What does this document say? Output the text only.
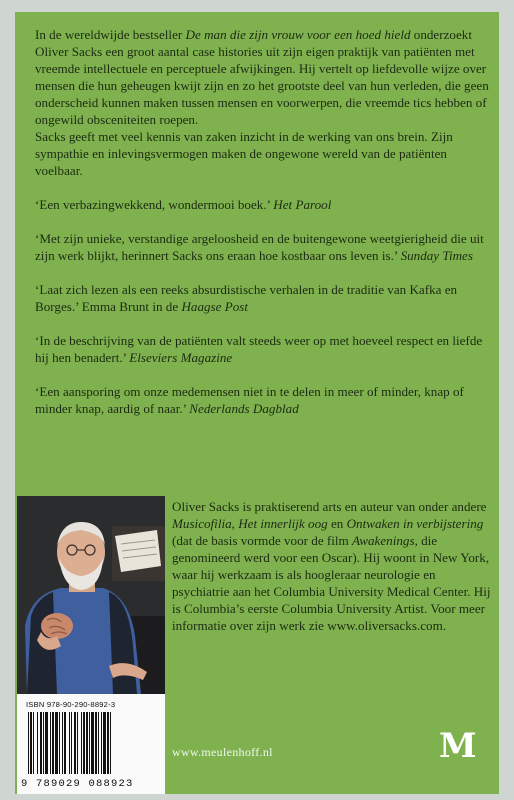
In de wereldwijde bestseller De man die zijn vrouw voor een hoed hield onderzoekt Oliver Sacks een groot aantal case histories uit zijn eigen praktijk van patiënten met vreemde intellectuele en perceptuele afwijkingen. Hij vertelt op liefdevolle wijze over mensen die hun geheugen kwijt zijn en zo het grootste deel van hun verleden, die geen onderscheid kunnen maken tussen mensen en voorwerpen, die vreemde tics hebben of ongewild obsceniteiten roepen.

Sacks geeft met veel kennis van zaken inzicht in de werking van ons brein. Zijn sympathie en inlevingsvermogen maken de ongewone wereld van de patiënten voelbaar.

‘Een verbazingwekkend, wondermooi boek.’ Het Parool

‘Met zijn unieke, verstandige argeloosheid en de buitengewone weetgierigheid die uit zijn werk blijkt, herinnert Sacks ons eraan hoe kostbaar ons leven is.’ Sunday Times

‘Laat zich lezen als een reeks absurdistische verhalen in de traditie van Kafka en Borges.’ Emma Brunt in de Haagse Post

‘In de beschrijving van de patiënten valt steeds weer op met hoeveel respect en liefde hij hen benadert.’ Elseviers Magazine

‘Een aansporing om onze medemensen niet in te delen in meer of minder, knap of minder knap, aardig of naar.’ Nederlands Dagblad

ISBN 978-90-290-8892-3
9 789029 088923
Oliver Sacks is praktiserend arts en auteur van onder andere Musicofilia, Het innerlijk oog en Ontwaken in verbijstering (dat de basis vormde voor de film Awakenings, die genomineerd werd voor een Oscar). Hij woont in New York, waar hij werkzaam is als hoogleraar neurologie en psychiatrie aan het Columbia University Medical Center. Hij is Columbia’s eerste Columbia University Artist. Voor meer informatie over zijn werk zie www.oliversacks.com.
www.meulenhoff.nl	M
